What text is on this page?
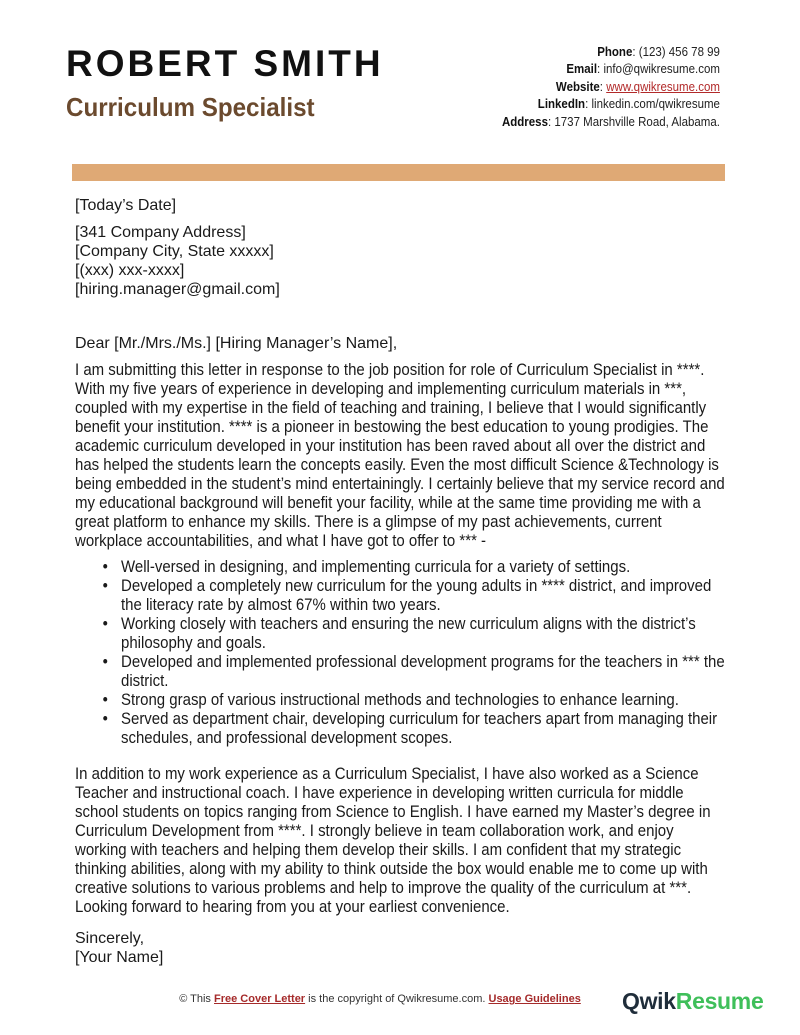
ROBERT SMITH
Curriculum Specialist
Phone: (123) 456 78 99
Email: info@qwikresume.com
Website: www.qwikresume.com
LinkedIn: linkedin.com/qwikresume
Address: 1737 Marshville Road, Alabama.
[Today’s Date]
[341 Company Address]
[Company City, State xxxxx]
[(xxx) xxx-xxxx]
[hiring.manager@gmail.com]
Dear [Mr./Mrs./Ms.] [Hiring Manager’s Name],
I am submitting this letter in response to the job position for role of Curriculum Specialist in ****. With my five years of experience in developing and implementing curriculum materials in ***, coupled with my expertise in the field of teaching and training, I believe that I would significantly benefit your institution. **** is a pioneer in bestowing the best education to young prodigies. The academic curriculum developed in your institution has been raved about all over the district and has helped the students learn the concepts easily. Even the most difficult Science &Technology is being embedded in the student’s mind entertainingly. I certainly believe that my service record and my educational background will benefit your facility, while at the same time providing me with a great platform to enhance my skills. There is a glimpse of my past achievements, current workplace accountabilities, and what I have got to offer to *** -
• Well-versed in designing, and implementing curricula for a variety of settings.
• Developed a completely new curriculum for the young adults in **** district, and improved the literacy rate by almost 67% within two years.
• Working closely with teachers and ensuring the new curriculum aligns with the district’s philosophy and goals.
• Developed and implemented professional development programs for the teachers in *** the district.
• Strong grasp of various instructional methods and technologies to enhance learning.
• Served as department chair, developing curriculum for teachers apart from managing their schedules, and professional development scopes.
In addition to my work experience as a Curriculum Specialist, I have also worked as a Science Teacher and instructional coach. I have experience in developing written curricula for middle school students on topics ranging from Science to English. I have earned my Master’s degree in Curriculum Development from ****. I strongly believe in team collaboration work, and enjoy working with teachers and helping them develop their skills. I am confident that my strategic thinking abilities, along with my ability to think outside the box would enable me to come up with creative solutions to various problems and help to improve the quality of the curriculum at ***. Looking forward to hearing from you at your earliest convenience.
Sincerely,
[Your Name]
© This Free Cover Letter is the copyright of Qwikresume.com. Usage Guidelines	QwikResume
